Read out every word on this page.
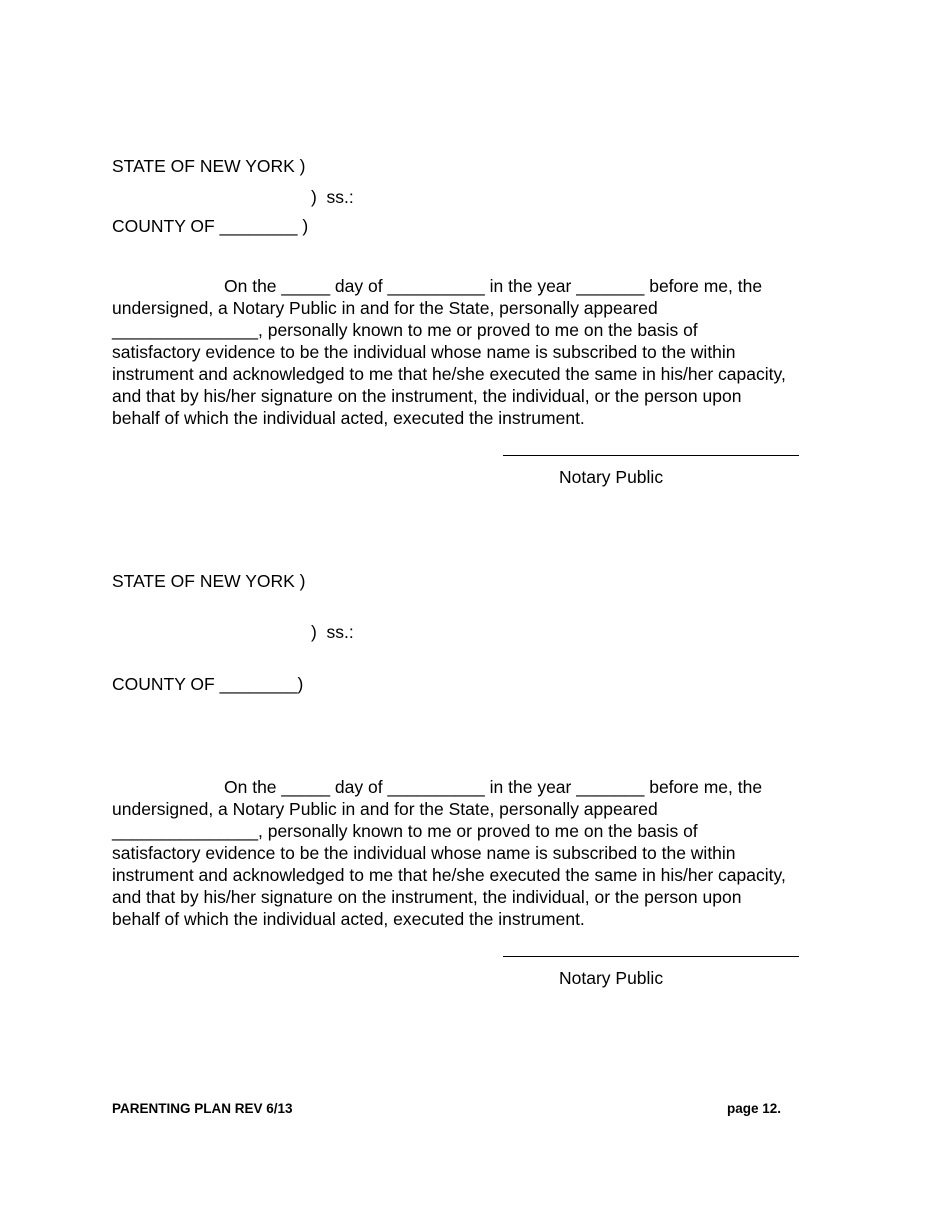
STATE OF NEW YORK )
)  ss.:
COUNTY OF ________ )
On the _____ day of __________ in the year _______ before me, the
undersigned, a Notary Public in and for the State, personally appeared
_______________, personally known to me or proved to me on the basis of
satisfactory evidence to be the individual whose name is subscribed to the within
instrument and acknowledged to me that he/she executed the same in his/her capacity,
and that by his/her signature on the instrument, the individual, or the person upon
behalf of which the individual acted, executed the instrument.
Notary Public
STATE OF NEW YORK )
)  ss.:
COUNTY OF ________)
On the _____ day of __________ in the year _______ before me, the
undersigned, a Notary Public in and for the State, personally appeared
_______________, personally known to me or proved to me on the basis of
satisfactory evidence to be the individual whose name is subscribed to the within
instrument and acknowledged to me that he/she executed the same in his/her capacity,
and that by his/her signature on the instrument, the individual, or the person upon
behalf of which the individual acted, executed the instrument.
Notary Public
PARENTING PLAN REV 6/13	page 12.
